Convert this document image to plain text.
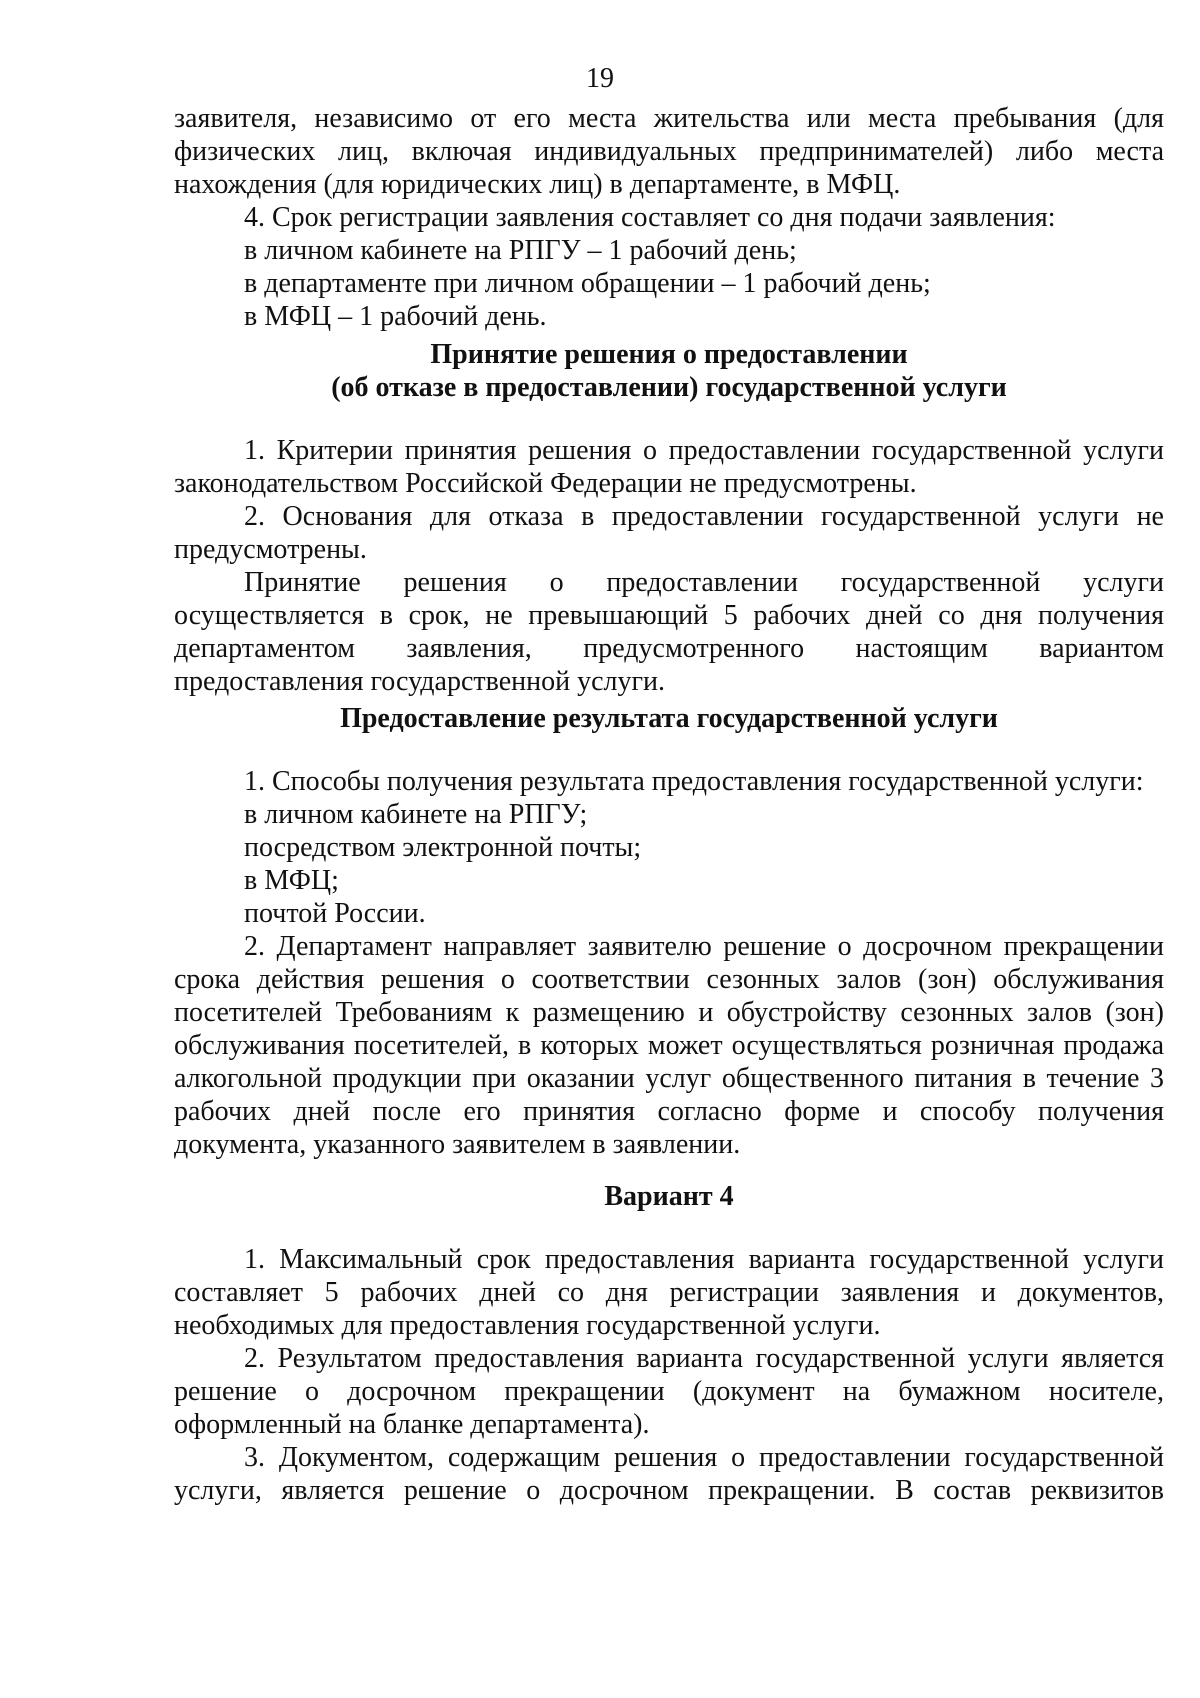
19

заявителя, независимо от его места жительства или места пребывания (для физических лиц, включая индивидуальных предпринимателей) либо места нахождения (для юридических лиц) в департаменте, в МФЦ.

4. Срок регистрации заявления составляет со дня подачи заявления:

в личном кабинете на РПГУ – 1 рабочий день;

в департаменте при личном обращении – 1 рабочий день;

в МФЦ – 1 рабочий день.

Принятие решения о предоставлении

(об отказе в предоставлении) государственной услуги

1. Критерии принятия решения о предоставлении государственной услуги законодательством Российской Федерации не предусмотрены.

2. Основания для отказа в предоставлении государственной услуги не предусмотрены.

Принятие решения о предоставлении государственной услуги осуществляется в срок, не превышающий 5 рабочих дней со дня получения департаментом заявления, предусмотренного настоящим вариантом предоставления государственной услуги.

Предоставление результата государственной услуги

1. Способы получения результата предоставления государственной услуги:

в личном кабинете на РПГУ;

посредством электронной почты;

в МФЦ;

почтой России.

2. Департамент направляет заявителю решение о досрочном прекращении срока действия решения о соответствии сезонных залов (зон) обслуживания посетителей Требованиям к размещению и обустройству сезонных залов (зон) обслуживания посетителей, в которых может осуществляться розничная продажа алкогольной продукции при оказании услуг общественного питания в течение 3 рабочих дней после его принятия согласно форме и способу получения документа, указанного заявителем в заявлении.

Вариант 4

1. Максимальный срок предоставления варианта государственной услуги составляет 5 рабочих дней со дня регистрации заявления и документов, необходимых для предоставления государственной услуги.

2. Результатом предоставления варианта государственной услуги является решение о досрочном прекращении (документ на бумажном носителе, оформленный на бланке департамента).

3. Документом, содержащим решения о предоставлении государственной услуги, является решение о досрочном прекращении. В состав реквизитов
